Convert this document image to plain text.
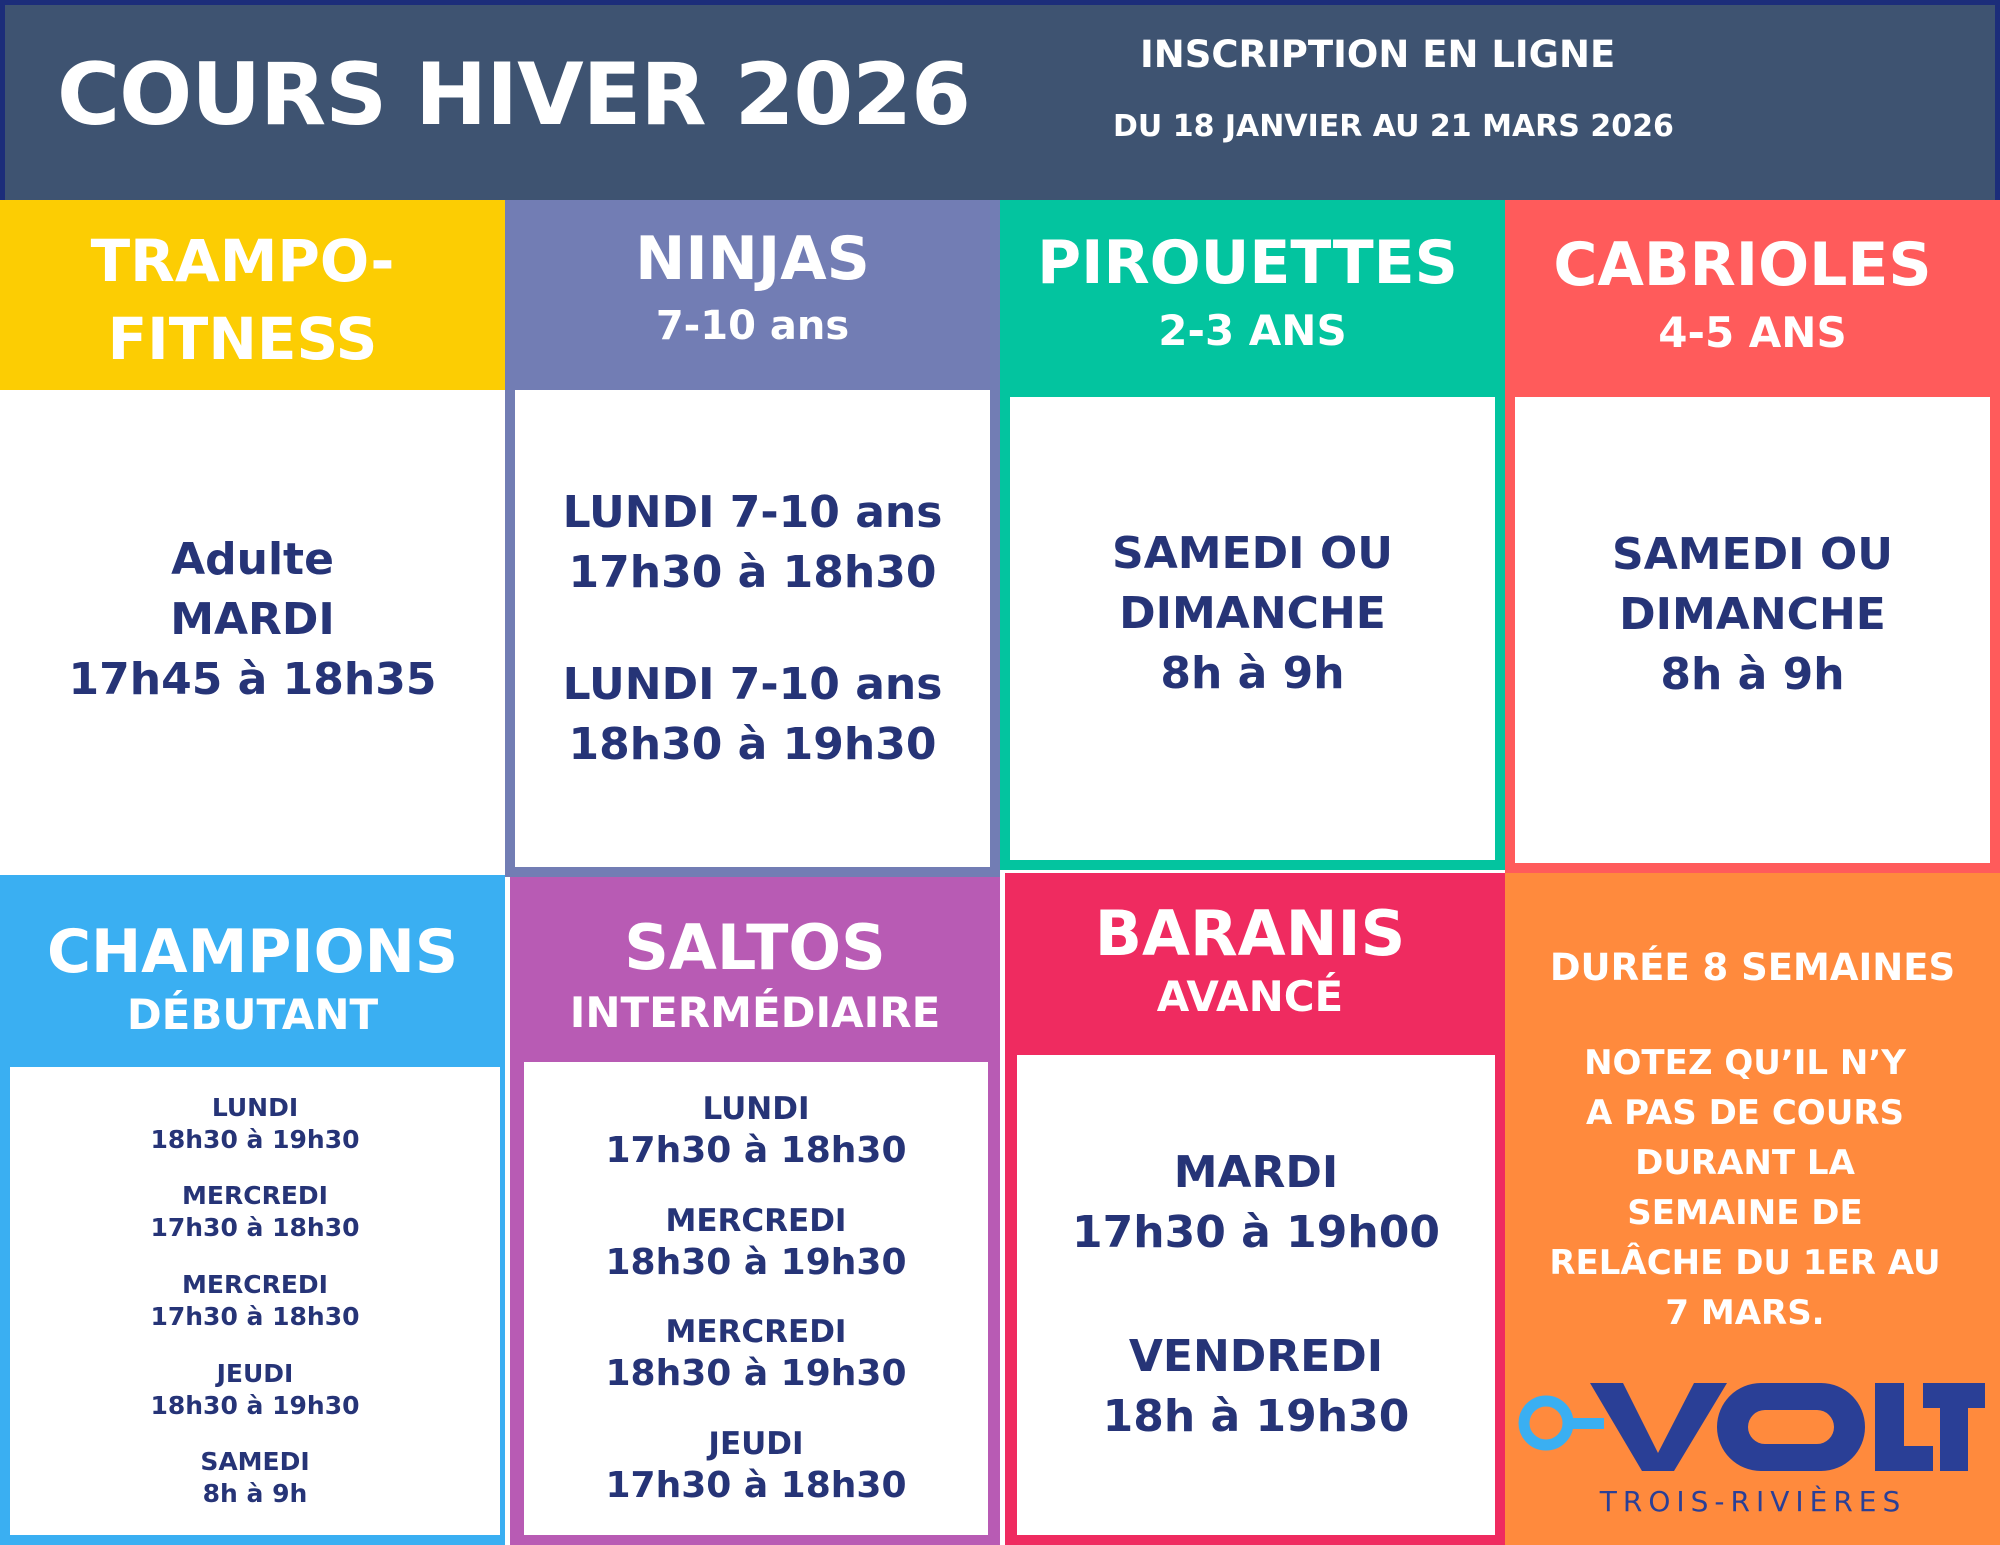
COURS HIVER 2026	INSCRIPTION EN LIGNE
DU 18 JANVIER AU 21 MARS 2026
TRAMPO-
FITNESS
Adulte
MARDI
17h45 à 18h35
NINJAS
7-10 ans
LUNDI 7-10 ans
17h30 à 18h30
LUNDI 7-10 ans
18h30 à 19h30
PIROUETTES
2-3 ANS
SAMEDI OU
DIMANCHE
8h à 9h
CABRIOLES
4-5 ANS
SAMEDI OU
DIMANCHE
8h à 9h
CHAMPIONS
DÉBUTANT
LUNDI
18h30 à 19h30
MERCREDI
17h30 à 18h30
MERCREDI
17h30 à 18h30
JEUDI
18h30 à 19h30
SAMEDI
8h à 9h
SALTOS
INTERMÉDIAIRE
LUNDI
17h30 à 18h30
MERCREDI
18h30 à 19h30
MERCREDI
18h30 à 19h30
JEUDI
17h30 à 18h30
BARANIS
AVANCÉ
MARDI
17h30 à 19h00
VENDREDI
18h à 19h30
DURÉE 8 SEMAINES
NOTEZ QU’IL N’Y
A PAS DE COURS
DURANT LA
SEMAINE DE
RELÂCHE DU 1ER AU
7 MARS.
TROIS-RIVIÈRES
